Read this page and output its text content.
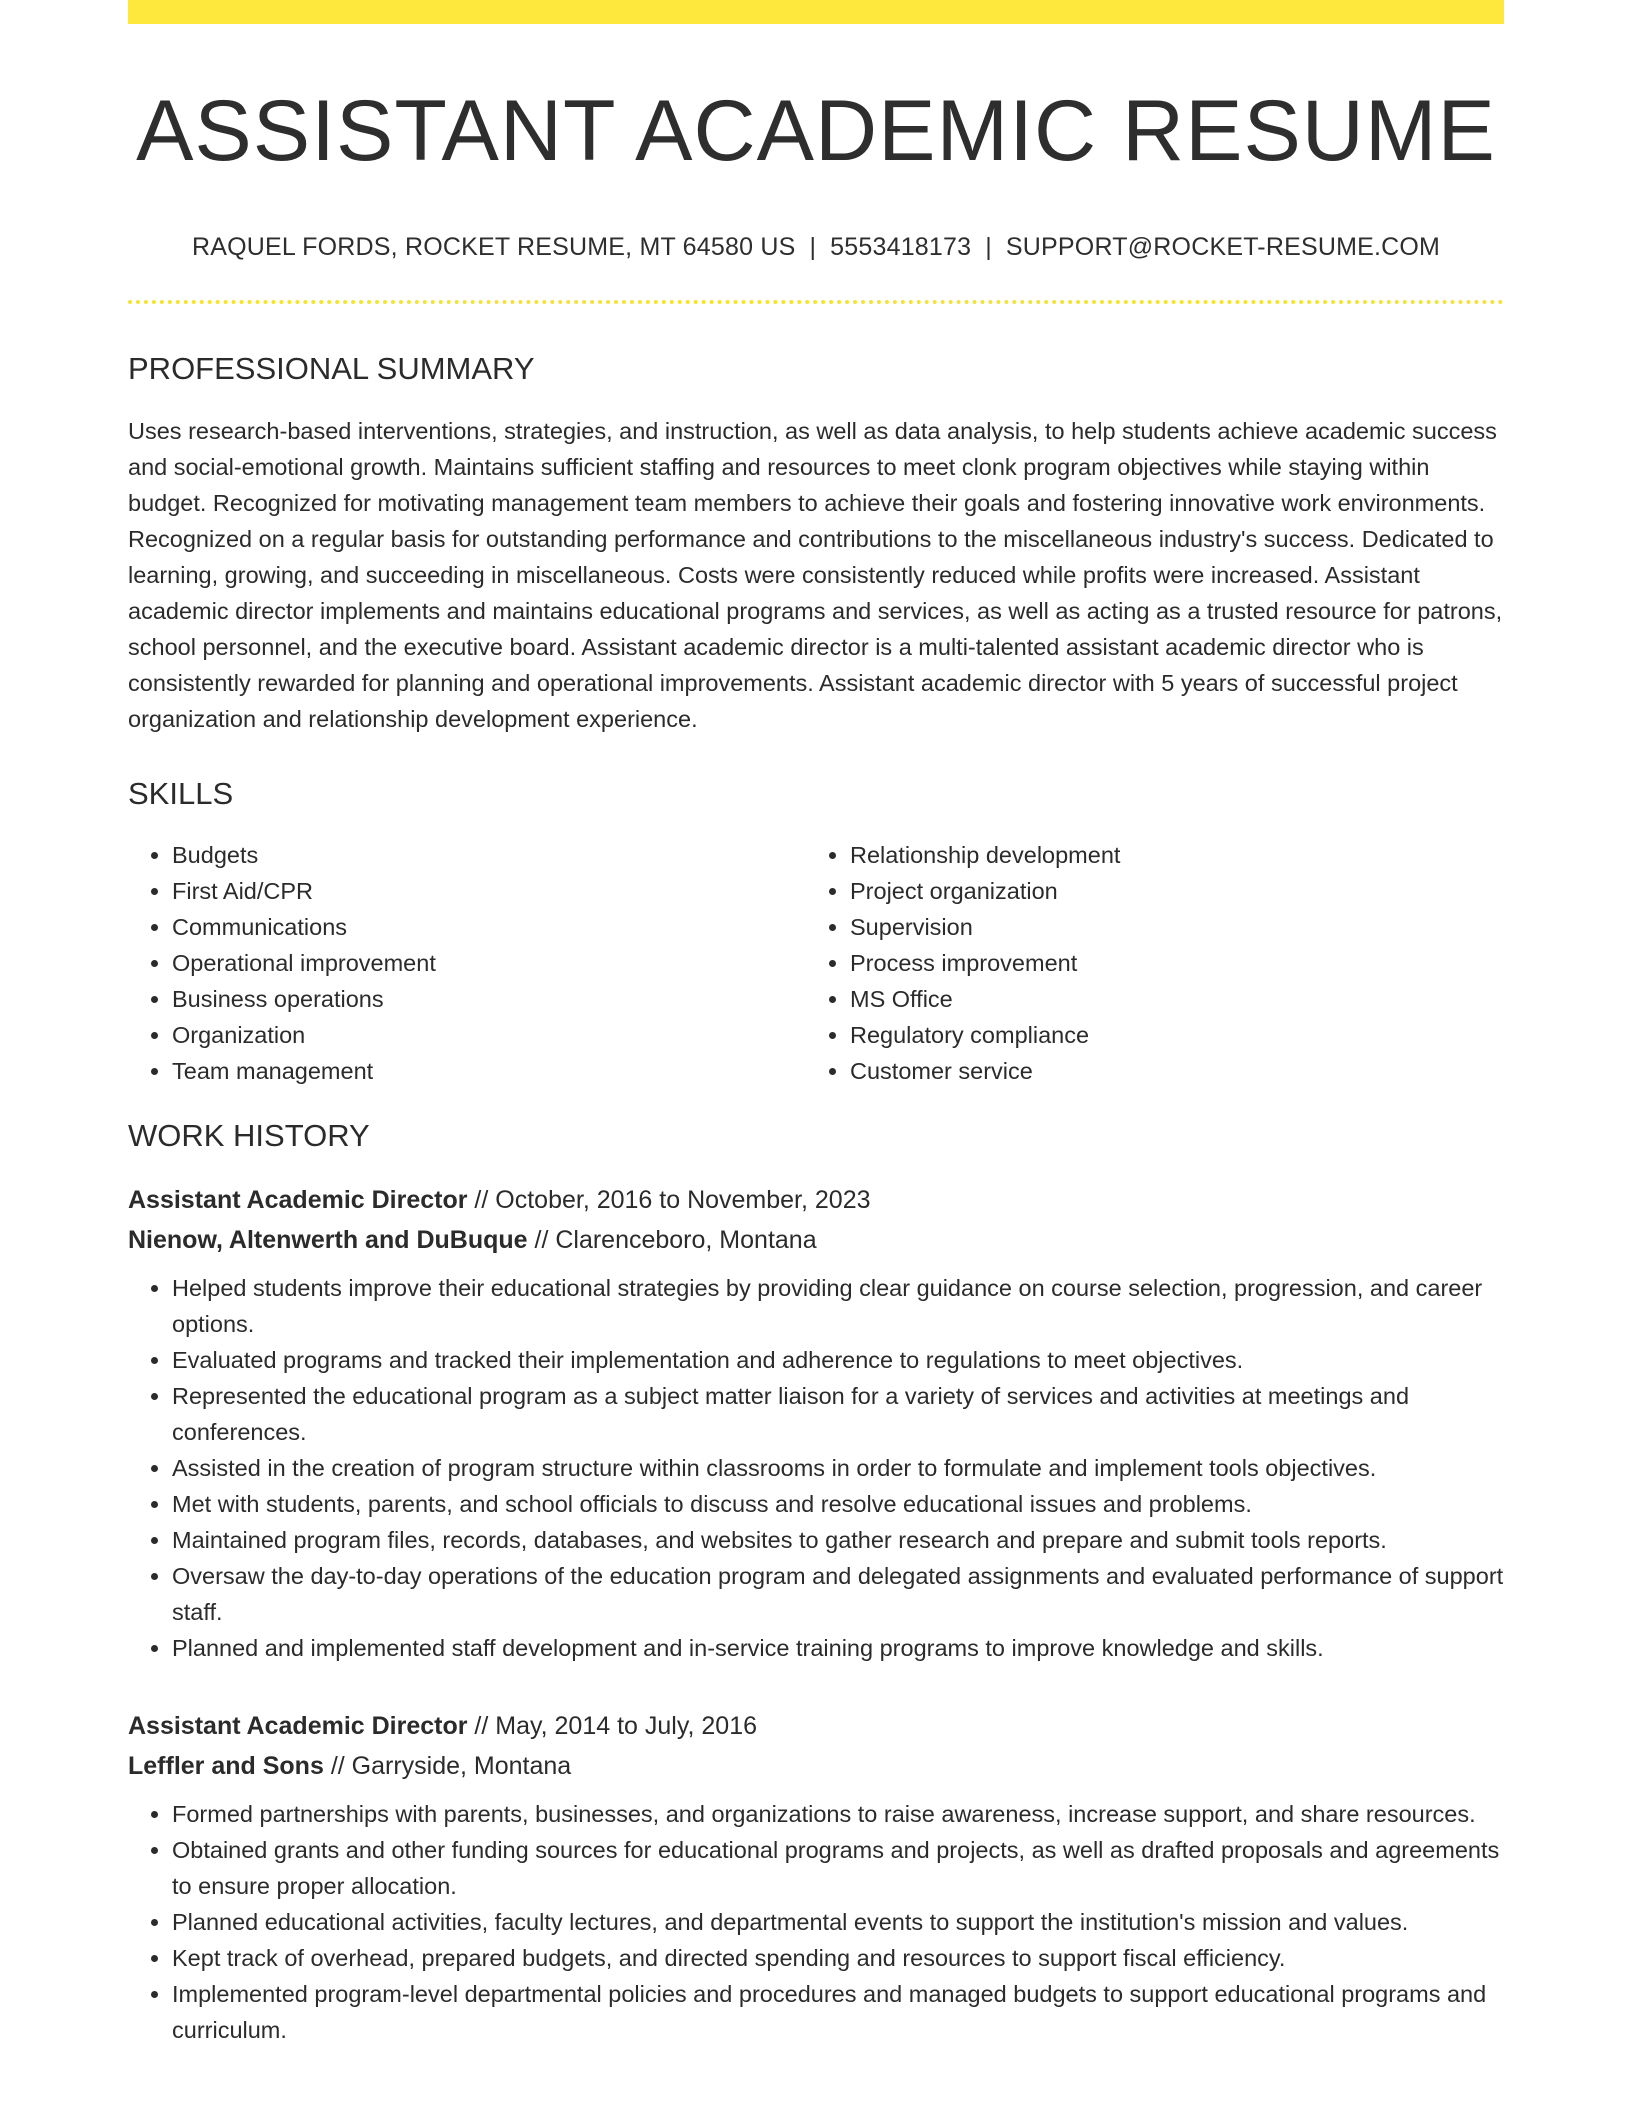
ASSISTANT ACADEMIC RESUME
RAQUEL FORDS, ROCKET RESUME, MT 64580 US | 5553418173 | SUPPORT@ROCKET-RESUME.COM
PROFESSIONAL SUMMARY

Uses research-based interventions, strategies, and instruction, as well as data analysis, to help students achieve academic success and social-emotional growth. Maintains sufficient staffing and resources to meet clonk program objectives while staying within budget. Recognized for motivating management team members to achieve their goals and fostering innovative work environments. Recognized on a regular basis for outstanding performance and contributions to the miscellaneous industry's success. Dedicated to learning, growing, and succeeding in miscellaneous. Costs were consistently reduced while profits were increased. Assistant academic director implements and maintains educational programs and services, as well as acting as a trusted resource for patrons, school personnel, and the executive board. Assistant academic director is a multi-talented assistant academic director who is consistently rewarded for planning and operational improvements. Assistant academic director with 5 years of successful project organization and relationship development experience.

SKILLS
• Budgets
• First Aid/CPR
• Communications
• Operational improvement
• Business operations
• Organization
• Team management
• Relationship development
• Project organization
• Supervision
• Process improvement
• MS Office
• Regulatory compliance
• Customer service
WORK HISTORY
Assistant Academic Director // October, 2016 to November, 2023
Nienow, Altenwerth and DuBuque // Clarenceboro, Montana
• Helped students improve their educational strategies by providing clear guidance on course selection, progression, and career options.
• Evaluated programs and tracked their implementation and adherence to regulations to meet objectives.
• Represented the educational program as a subject matter liaison for a variety of services and activities at meetings and conferences.
• Assisted in the creation of program structure within classrooms in order to formulate and implement tools objectives.
• Met with students, parents, and school officials to discuss and resolve educational issues and problems.
• Maintained program files, records, databases, and websites to gather research and prepare and submit tools reports.
• Oversaw the day-to-day operations of the education program and delegated assignments and evaluated performance of support staff.
• Planned and implemented staff development and in-service training programs to improve knowledge and skills.
Assistant Academic Director // May, 2014 to July, 2016
Leffler and Sons // Garryside, Montana
• Formed partnerships with parents, businesses, and organizations to raise awareness, increase support, and share resources.
• Obtained grants and other funding sources for educational programs and projects, as well as drafted proposals and agreements to ensure proper allocation.
• Planned educational activities, faculty lectures, and departmental events to support the institution's mission and values.
• Kept track of overhead, prepared budgets, and directed spending and resources to support fiscal efficiency.
• Implemented program-level departmental policies and procedures and managed budgets to support educational programs and curriculum.
